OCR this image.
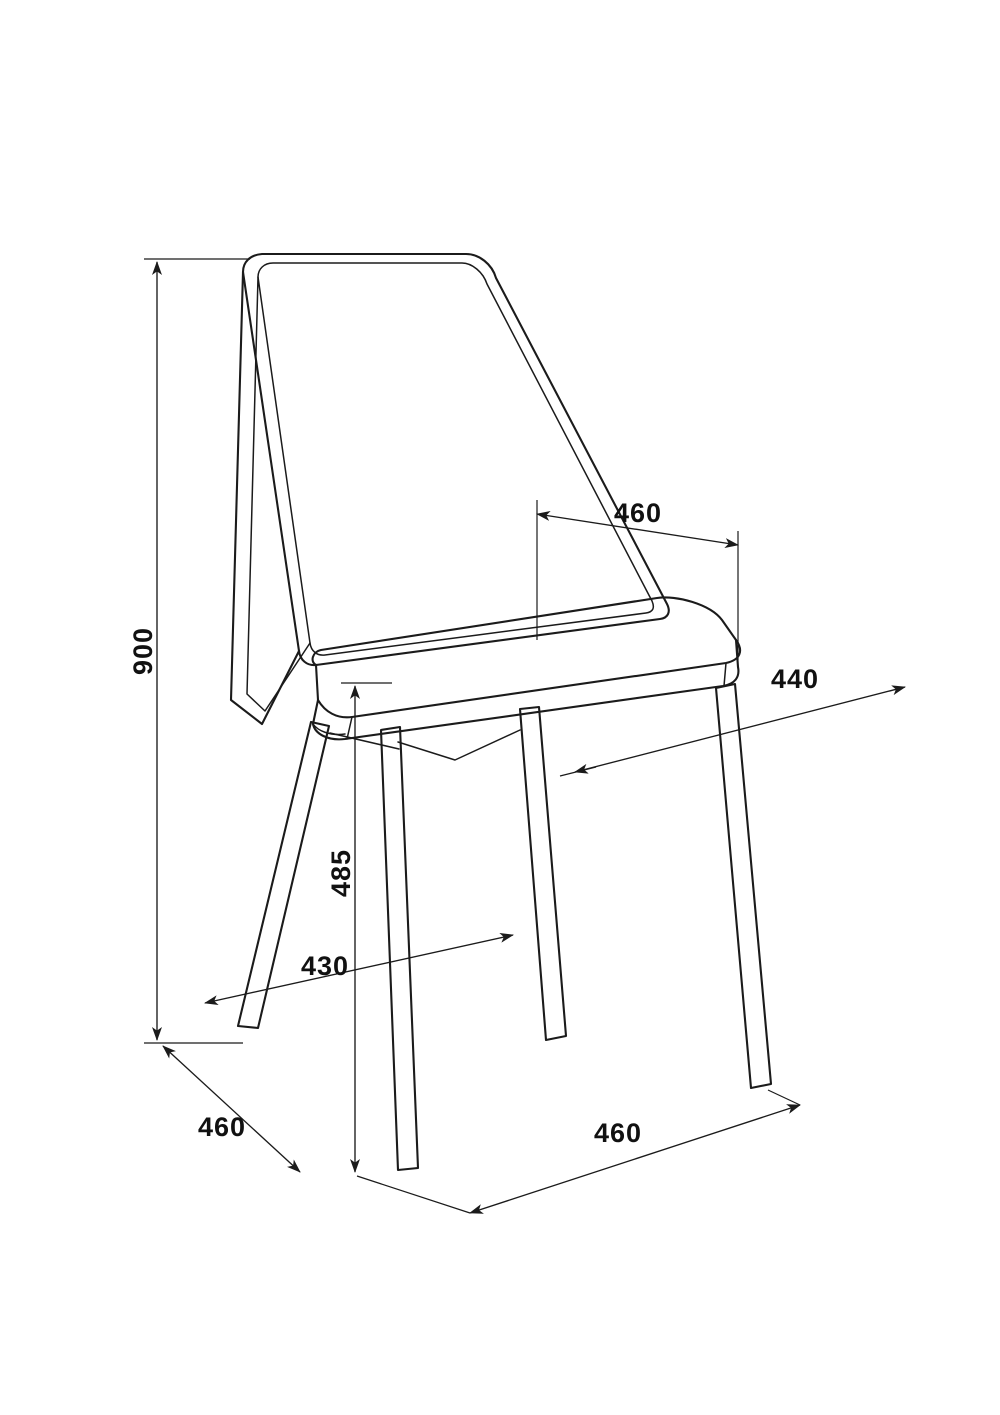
900
460
440
485
430
460	460
